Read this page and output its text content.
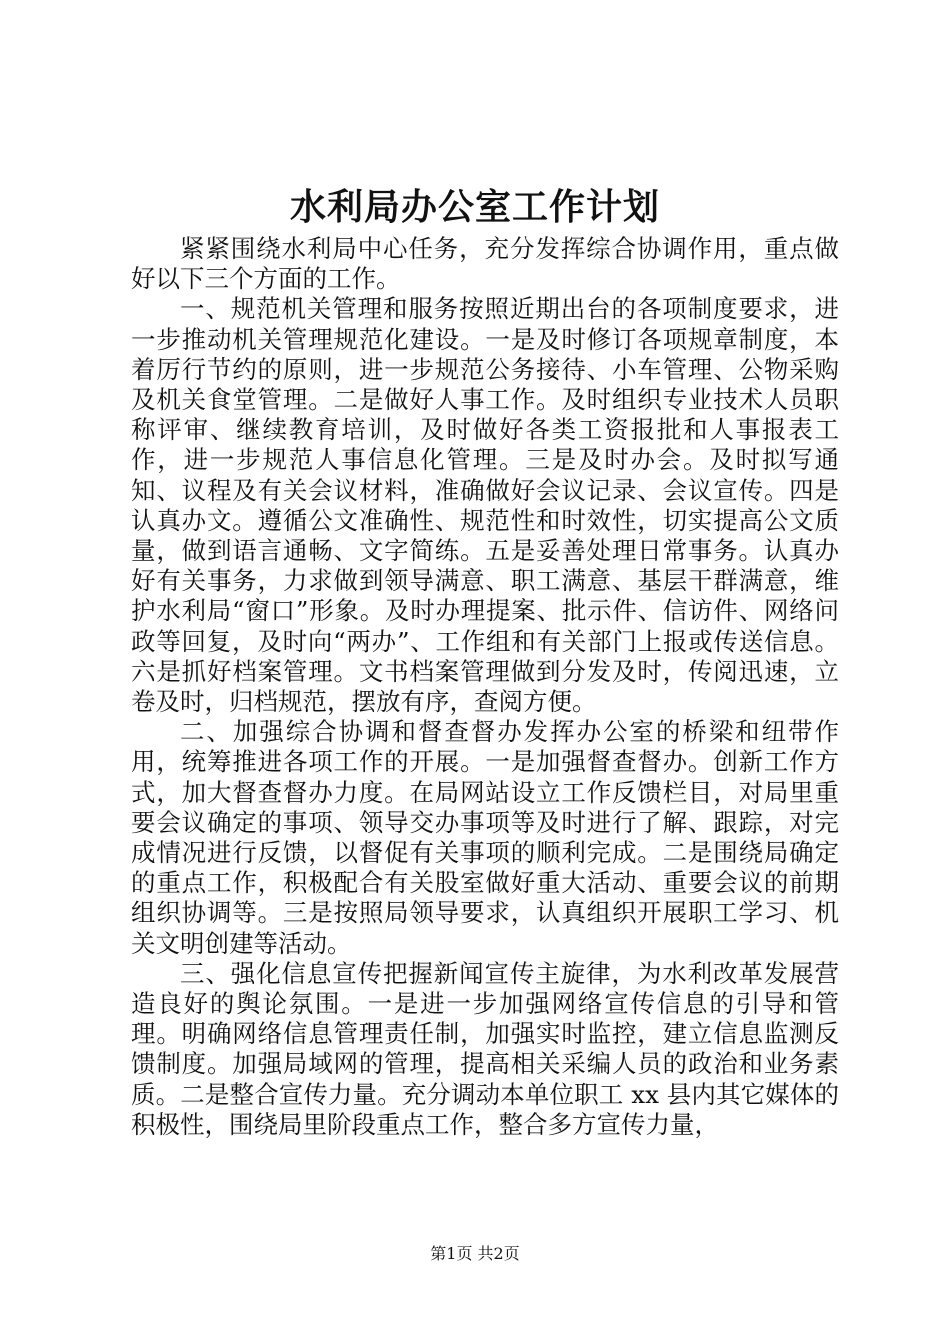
水利局办公室工作计划

紧紧围绕水利局中心任务，充分发挥综合协调作用，重点做好以下三个方面的工作。

一、规范机关管理和服务按照近期出台的各项制度要求，进一步推动机关管理规范化建设。一是及时修订各项规章制度，本着厉行节约的原则，进一步规范公务接待、小车管理、公物采购及机关食堂管理。二是做好人事工作。及时组织专业技术人员职称评审、继续教育培训，及时做好各类工资报批和人事报表工作，进一步规范人事信息化管理。三是及时办会。及时拟写通知、议程及有关会议材料，准确做好会议记录、会议宣传。四是认真办文。遵循公文准确性、规范性和时效性，切实提高公文质量，做到语言通畅、文字简练。五是妥善处理日常事务。认真办好有关事务，力求做到领导满意、职工满意、基层干群满意，维护水利局“窗口”形象。及时办理提案、批示件、信访件、网络问政等回复，及时向“两办”、工作组和有关部门上报或传送信息。六是抓好档案管理。文书档案管理做到分发及时，传阅迅速，立卷及时，归档规范，摆放有序，查阅方便。

二、加强综合协调和督查督办发挥办公室的桥梁和纽带作用，统筹推进各项工作的开展。一是加强督查督办。创新工作方式，加大督查督办力度。在局网站设立工作反馈栏目，对局里重要会议确定的事项、领导交办事项等及时进行了解、跟踪，对完成情况进行反馈，以督促有关事项的顺利完成。二是围绕局确定的重点工作，积极配合有关股室做好重大活动、重要会议的前期组织协调等。三是按照局领导要求，认真组织开展职工学习、机关文明创建等活动。

三、强化信息宣传把握新闻宣传主旋律，为水利改革发展营造良好的舆论氛围。一是进一步加强网络宣传信息的引导和管理。明确网络信息管理责任制，加强实时监控，建立信息监测反馈制度。加强局域网的管理，提高相关采编人员的政治和业务素质。二是整合宣传力量。充分调动本单位职工 xx 县内其它媒体的积极性，围绕局里阶段重点工作，整合多方宣传力量，

第1页 共2页
